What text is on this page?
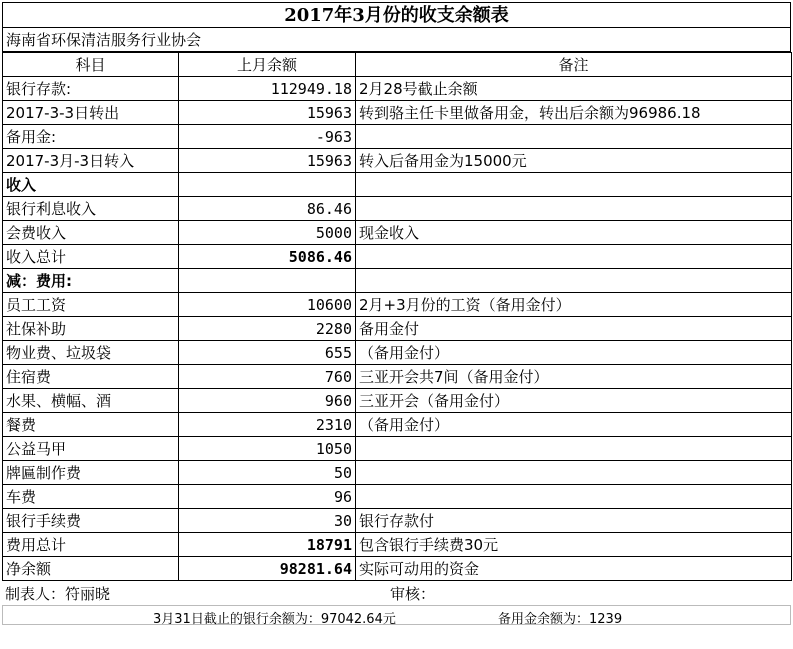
2017年3月份的收支余额表
海南省环保清洁服务行业协会
科目	上月余额	备注
银行存款:	112949.18	2月28号截止余额
2017-3-3日转出	15963	转到骆主任卡里做备用金，转出后余额为96986.18
备用金:	-963	
2017-3月-3日转入	15963	转入后备用金为15000元
收入		
银行利息收入	86.46	
会费收入	5000	现金收入
收入总计	5086.46	
减：费用:		
员工工资	10600	2月+3月份的工资（备用金付）
社保补助	2280	备用金付
物业费、垃圾袋	655	（备用金付）
住宿费	760	三亚开会共7间（备用金付）
水果、横幅、酒	960	三亚开会（备用金付）
餐费	2310	（备用金付）
公益马甲	1050	
牌匾制作费	50	
车费	96	
银行手续费	30	银行存款付
费用总计	18791	包含银行手续费30元
净余额	98281.64	实际可动用的资金
制表人：符丽晓	审核：
3月31日截止的银行余额为：97042.64元	备用金余额为：1239
